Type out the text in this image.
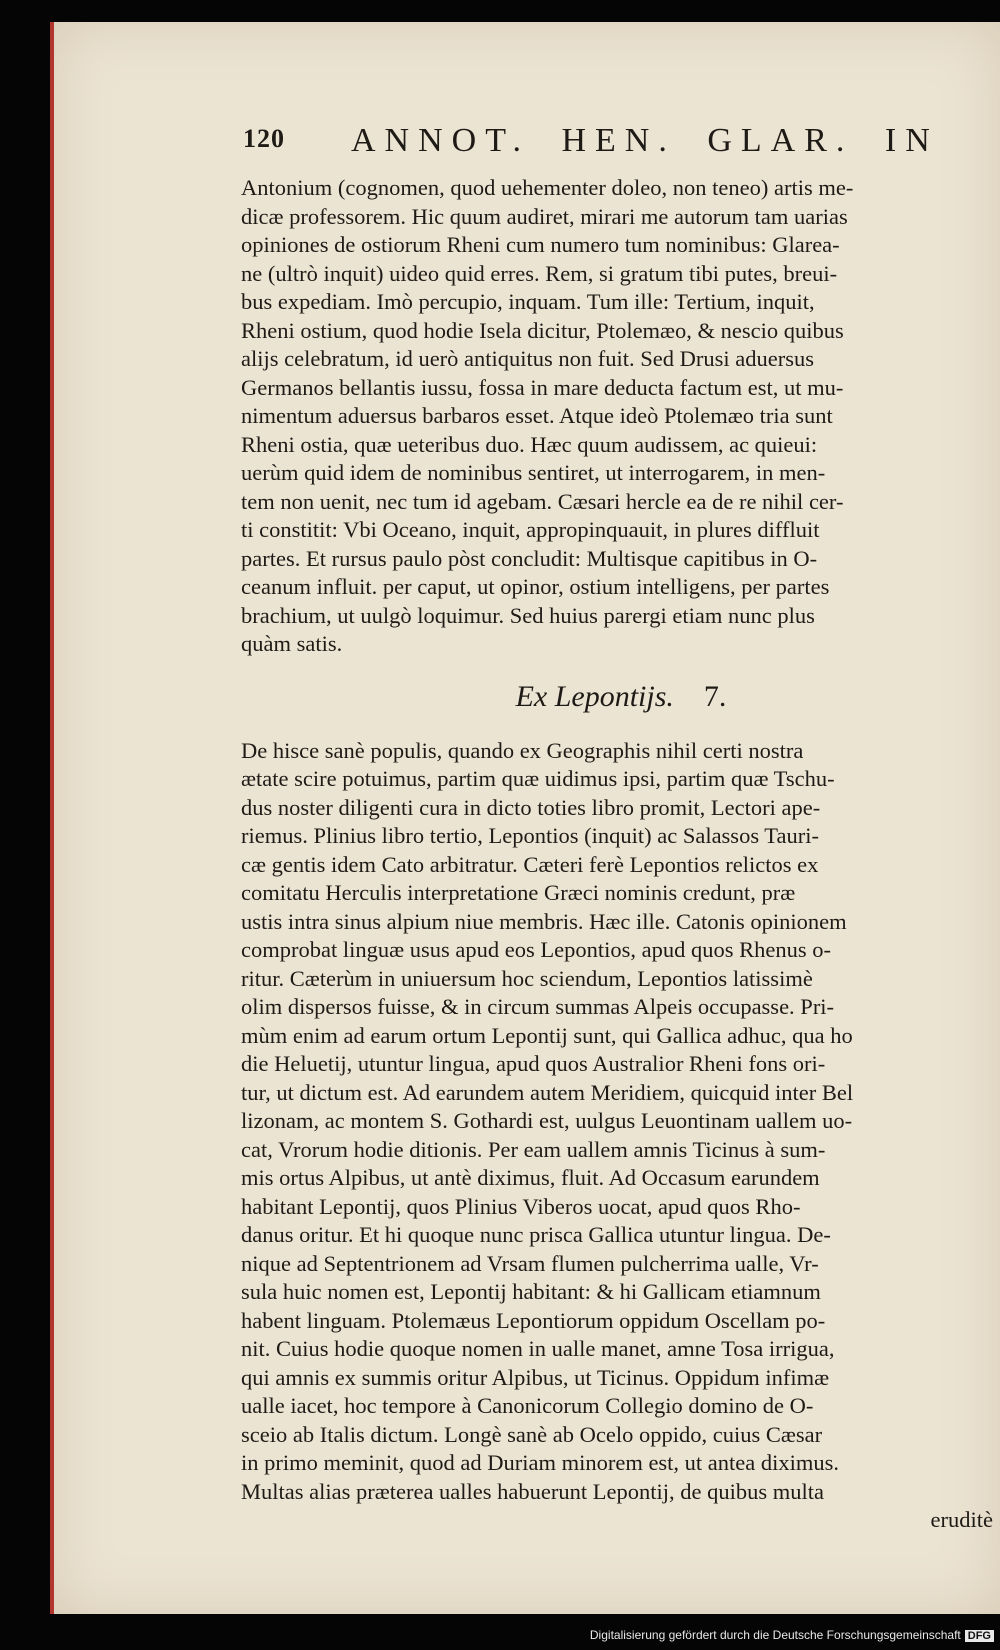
120 ANNOT. HEN. GLAR. IN
Antonium (cognomen, quod uehementer doleo, non teneo) artis me-
dicæ professorem. Hic quum audiret, mirari me autorum tam uarias
opiniones de ostiorum Rheni cum numero tum nominibus: Glarea-
ne (ultrò inquit) uideo quid erres. Rem, si gratum tibi putes, breui-
bus expediam. Imò percupio, inquam. Tum ille: Tertium, inquit,
Rheni ostium, quod hodie Isela dicitur, Ptolemæo, & nescio quibus
alijs celebratum, id uerò antiquitus non fuit. Sed Drusi aduersus
Germanos bellantis iussu, fossa in mare deducta factum est, ut mu-
nimentum aduersus barbaros esset. Atque ideò Ptolemæo tria sunt
Rheni ostia, quæ ueteribus duo. Hæc quum audissem, ac quieui:
uerùm quid idem de nominibus sentiret, ut interrogarem, in men-
tem non uenit, nec tum id agebam. Cæsari hercle ea de re nihil cer-
ti constitit: Vbi Oceano, inquit, appropinquauit, in plures diffluit
partes. Et rursus paulo pòst concludit: Multisque capitibus in O-
ceanum influit. per caput, ut opinor, ostium intelligens, per partes
brachium, ut uulgò loquimur. Sed huius parergi etiam nunc plus
quàm satis.
Ex Lepontijs. 7.
De hisce sanè populis, quando ex Geographis nihil certi nostra
ætate scire potuimus, partim quæ uidimus ipsi, partim quæ Tschu-
dus noster diligenti cura in dicto toties libro promit, Lectori ape-
riemus. Plinius libro tertio, Lepontios (inquit) ac Salassos Tauri-
cæ gentis idem Cato arbitratur. Cæteri ferè Lepontios relictos ex
comitatu Herculis interpretatione Græci nominis credunt, præ
ustis intra sinus alpium niue membris. Hæc ille. Catonis opinionem
comprobat linguæ usus apud eos Lepontios, apud quos Rhenus o-
ritur. Cæterùm in uniuersum hoc sciendum, Lepontios latissimè
olim dispersos fuisse, & in circum summas Alpeis occupasse. Pri-
mùm enim ad earum ortum Lepontij sunt, qui Gallica adhuc, qua ho
die Heluetij, utuntur lingua, apud quos Australior Rheni fons ori-
tur, ut dictum est. Ad earundem autem Meridiem, quicquid inter Bel
lizonam, ac montem S. Gothardi est, uulgus Leuontinam uallem uo-
cat, Vrorum hodie ditionis. Per eam uallem amnis Ticinus à sum-
mis ortus Alpibus, ut antè diximus, fluit. Ad Occasum earundem
habitant Lepontij, quos Plinius Viberos uocat, apud quos Rho-
danus oritur. Et hi quoque nunc prisca Gallica utuntur lingua. De-
nique ad Septentrionem ad Vrsam flumen pulcherrima ualle, Vr-
sula huic nomen est, Lepontij habitant: & hi Gallicam etiamnum
habent linguam. Ptolemæus Lepontiorum oppidum Oscellam po-
nit. Cuius hodie quoque nomen in ualle manet, amne Tosa irrigua,
qui amnis ex summis oritur Alpibus, ut Ticinus. Oppidum infimæ
ualle iacet, hoc tempore à Canonicorum Collegio domino de O-
sceio ab Italis dictum. Longè sanè ab Ocelo oppido, cuius Cæsar
in primo meminit, quod ad Duriam minorem est, ut antea diximus.
Multas alias præterea ualles habuerunt Lepontij, de quibus multa
eruditè
Digitalisierung gefördert durch die Deutsche Forschungsgemeinschaft DFG
